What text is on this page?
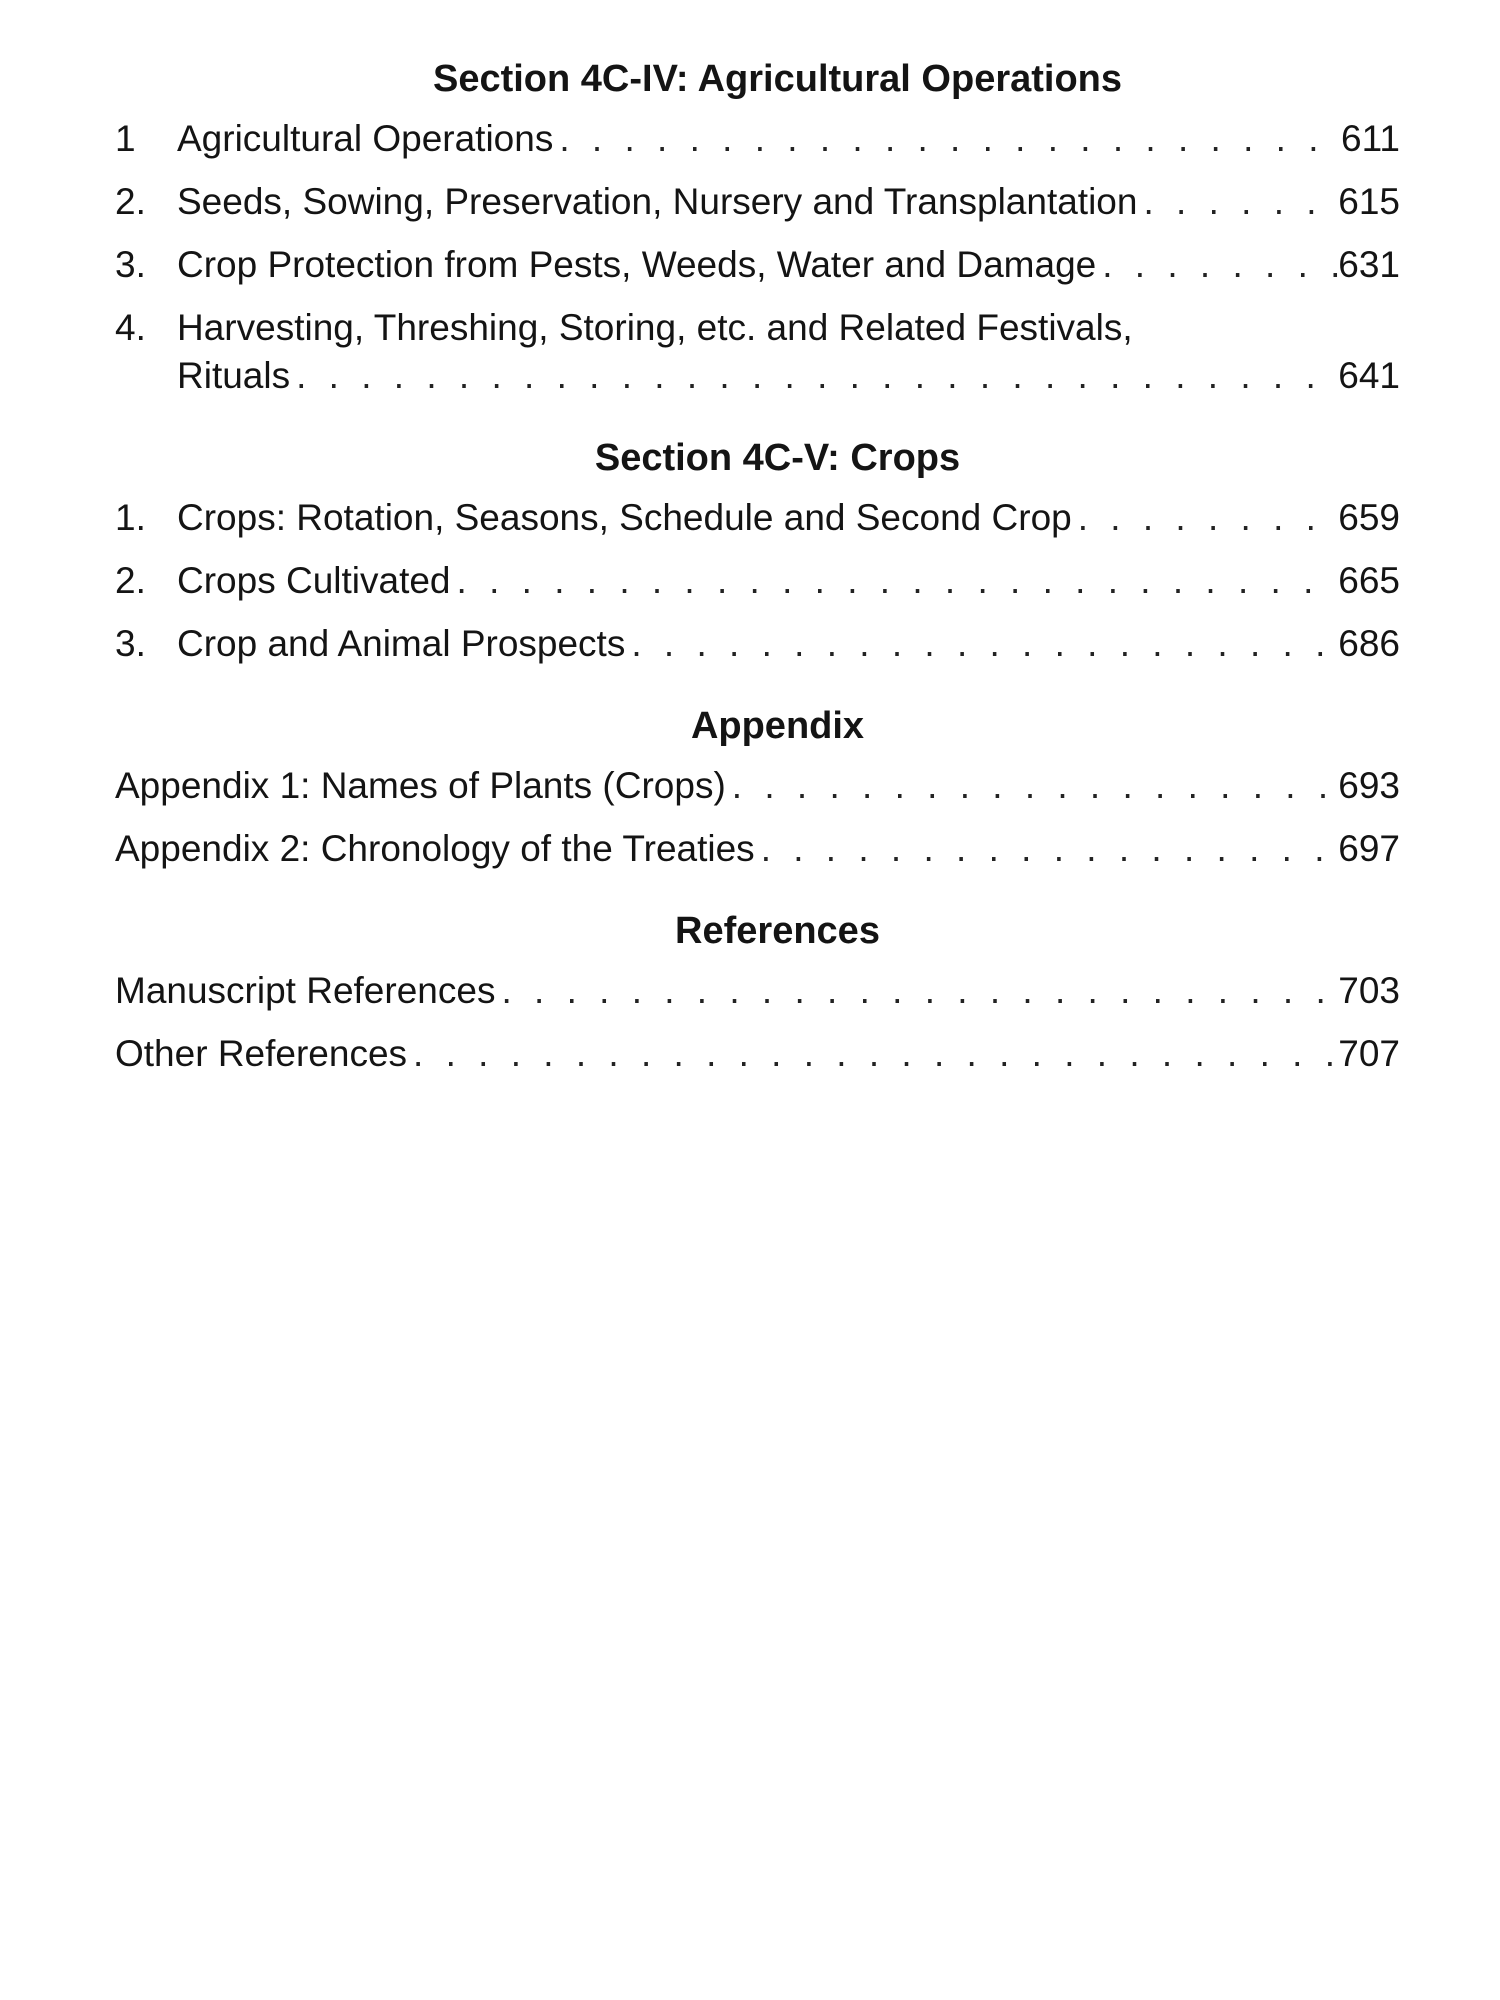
Section 4C-IV: Agricultural Operations
1	Agricultural Operations . . .	611
2. Seeds, Sowing, Preservation, Nursery and Transplantation . . .	615
3. Crop Protection from Pests, Weeds, Water and Damage . . .	631
4. Harvesting, Threshing, Storing, etc. and Related Festivals,
Rituals . . .	641
Section 4C-V: Crops
1. Crops: Rotation, Seasons, Schedule and Second Crop . . .	659
2. Crops Cultivated . . .	665
3. Crop and Animal Prospects . . .	686
Appendix
Appendix 1: Names of Plants (Crops) . . .	693
Appendix 2: Chronology of the Treaties . . .	697
References
Manuscript References . . .	703
Other References . . .	707
